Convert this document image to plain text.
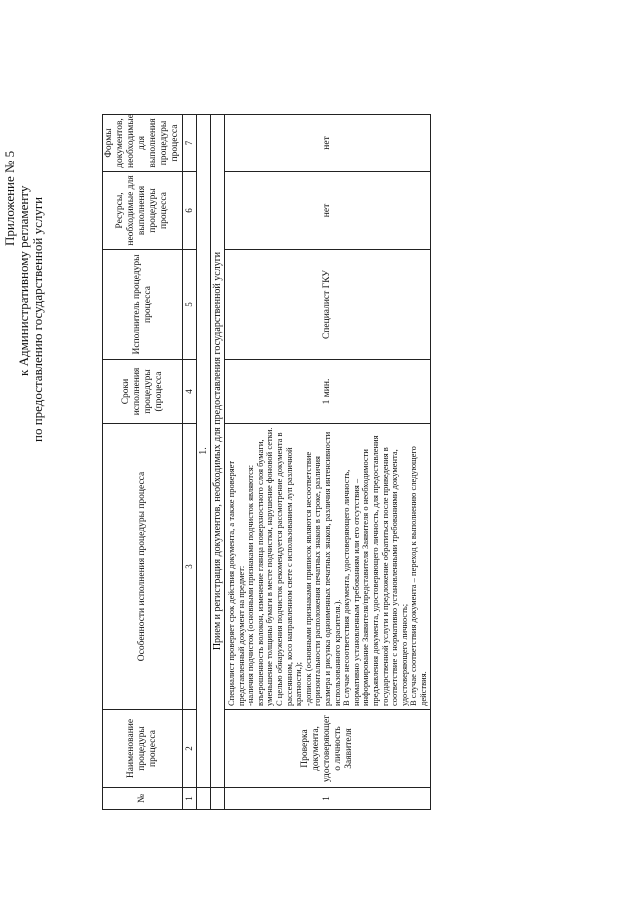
Приложение № 5 к Административному регламенту по предоставлению государственной услуги
№	Наименование процедуры процесса	Особенности исполнения процедуры процесса	Сроки исполнения процедуры (процесса	Исполнитель процедуры процесса	Ресурсы, необходимые для выполнения процедуры процесса	Формы документов, необходимые для выполнения процедуры процесса
1	2	3	4	5	6	7
	1.					
	Прием и регистрация документов, необходимых для предоставления государственной услуги					
1	Проверка документа, удостоверяющег о личность Заявителя	Специалист проверяет срок действия документа, а также проверяет представленный документ на предмет: -наличия подчисток (основными признаками подчисток являются: взъерошенность волокон, изменение глянца поверхностного слоя бумаги, уменьшение толщины бумаги в месте подчистки, нарушение фоновой сетки. С целью обнаружения подчисток рекомендуется рассмотрение документа в рассеянном, косо направленном свете с использованием луп различной кратности,); -дописок (основными признаками приписок являются несоответствие горизонтальности расположения печатных знаков в строке, различия размера и рисунка одноименных печатных знаков, различия интенсивности использованного красителя.). В случае несоответствия документа, удостоверяющего личность, нормативно установленным требованиям или его отсутствия – информирование Заявителя/представителя Заявителя о необходимости предъявления документа, удостоверяющего личность, для предоставления государственной услуги и предложение обратиться после приведения в соответствие с нормативно установленными требованиями документа, удостоверяющего личность; В случае соответствия документа – переход к выполнению следующего действия.	1 мин.	Специалист ГКУ	нет	нет
